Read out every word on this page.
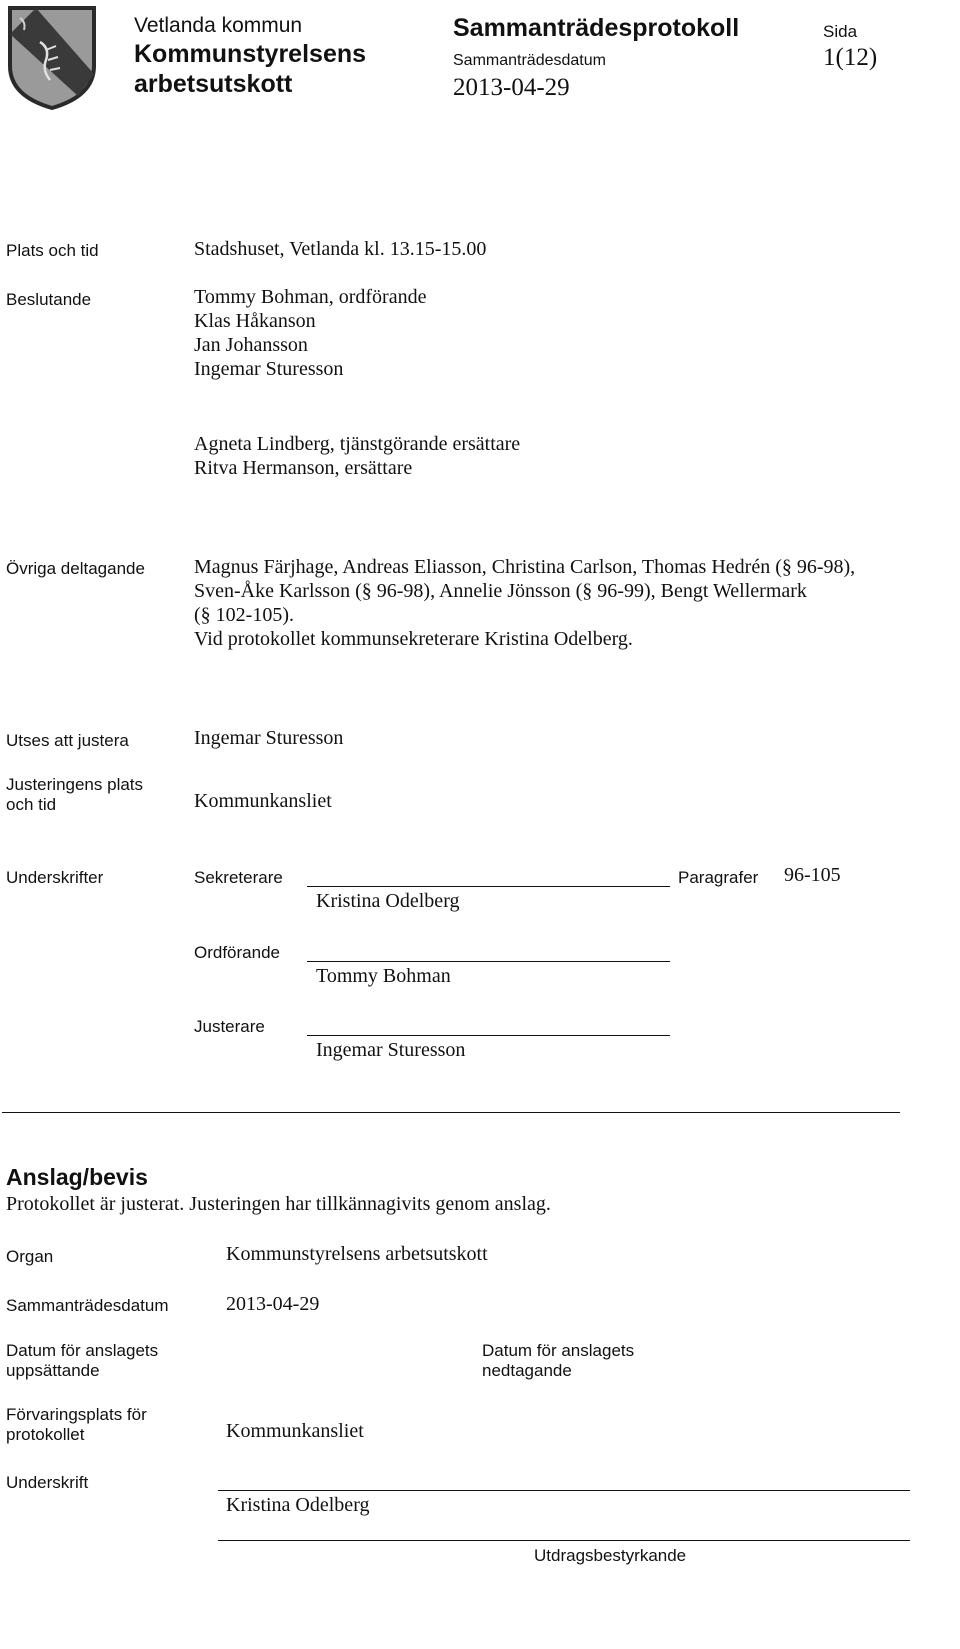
Vetlanda kommun
Kommunstyrelsens
arbetsutskott
Sammanträdesprotokoll
Sammanträdesdatum
2013-04-29
Sida
1(12)
Plats och tid	Stadshuset, Vetlanda kl. 13.15-15.00
Beslutande	Tommy Bohman, ordförande
Klas Håkanson
Jan Johansson
Ingemar Sturesson
Agneta Lindberg, tjänstgörande ersättare
Ritva Hermanson, ersättare
Övriga deltagande Magnus Färjhage, Andreas Eliasson, Christina Carlson, Thomas Hedrén (§ 96-98),
Sven-Åke Karlsson (§ 96-98), Annelie Jönsson (§ 96-99), Bengt Wellermark
(§ 102-105).
Vid protokollet kommunsekreterare Kristina Odelberg.
Utses att justera	Ingemar Sturesson
Justeringens plats
och tid	Kommunkansliet
Underskrifter	Sekreterare
Kristina Odelberg
Paragrafer 96-105
Ordförande
Tommy Bohman
Justerare
Ingemar Sturesson
Anslag/bevis
Protokollet är justerat. Justeringen har tillkännagivits genom anslag.
Organ	Kommunstyrelsens arbetsutskott
Sammanträdesdatum	2013-04-29
Datum för anslagets
uppsättande
Datum för anslagets
nedtagande
Förvaringsplats för
protokollet	Kommunkansliet
Underskrift
Kristina Odelberg
Utdragsbestyrkande
